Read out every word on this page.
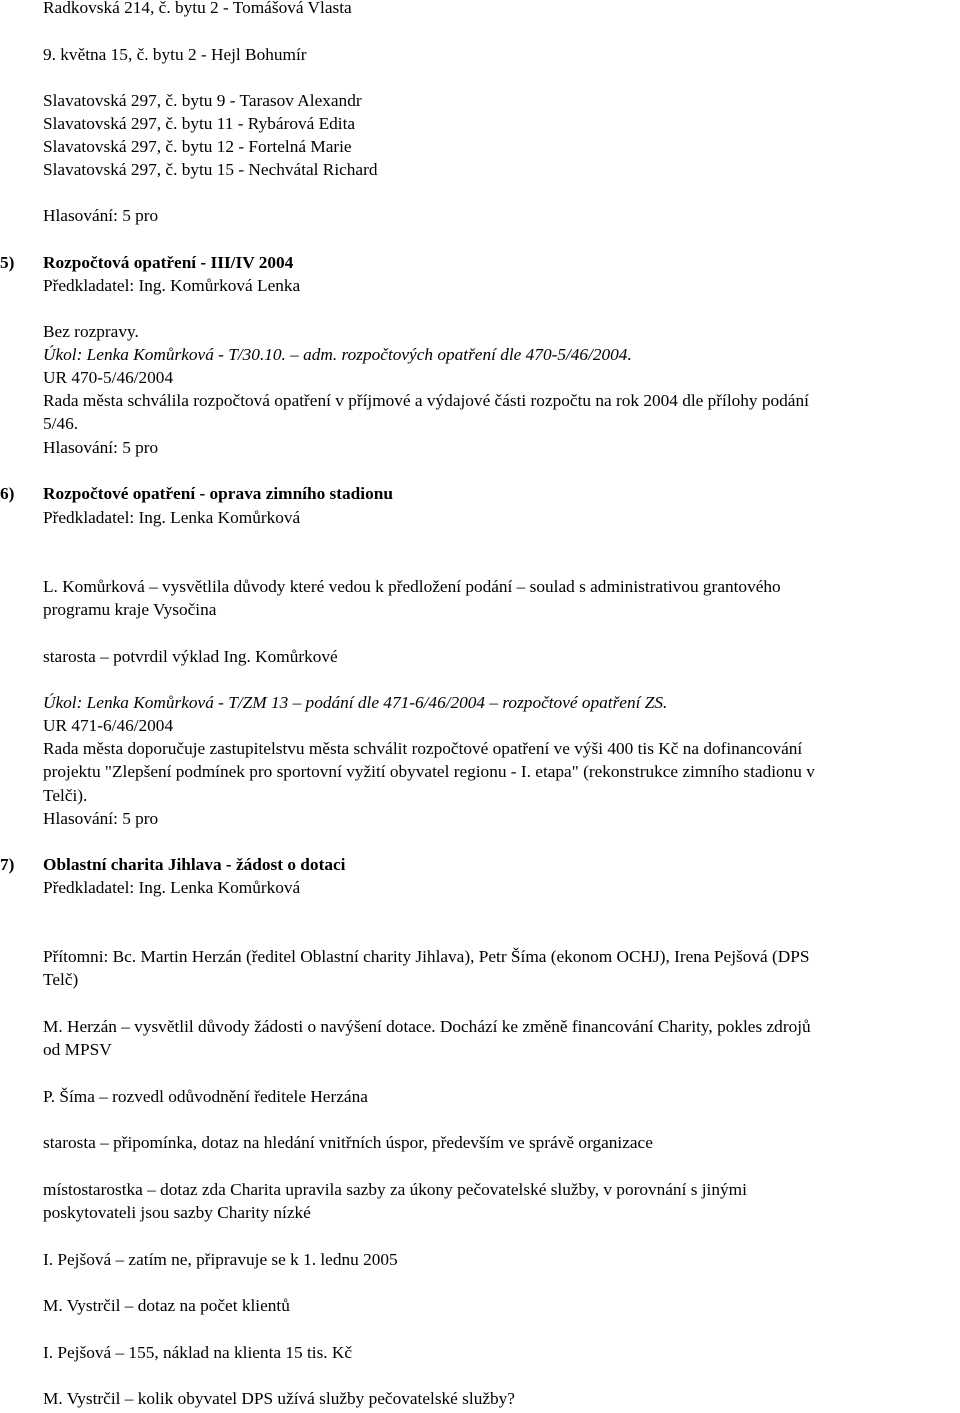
Radkovská 214, č. bytu 2 - Tomášová Vlasta
9. května 15, č. bytu 2 - Hejl Bohumír
Slavatovská 297, č. bytu 9 - Tarasov Alexandr
Slavatovská 297, č. bytu 11 - Rybárová Edita
Slavatovská 297, č. bytu 12 - Fortelná Marie
Slavatovská 297, č. bytu 15 - Nechvátal Richard
Hlasování: 5 pro
5) Rozpočtová opatření - III/IV 2004
Předkladatel: Ing. Komůrková Lenka
Bez rozpravy.
Úkol: Lenka Komůrková - T/30.10. – adm. rozpočtových opatření dle 470-5/46/2004.
UR 470-5/46/2004
Rada města schválila rozpočtová opatření v příjmové a výdajové části rozpočtu na rok 2004 dle přílohy podání
5/46.
Hlasování: 5 pro
6) Rozpočtové opatření - oprava zimního stadionu
Předkladatel: Ing. Lenka Komůrková
L. Komůrková – vysvětlila důvody které vedou k předložení podání – soulad s administrativou grantového
programu kraje Vysočina
starosta – potvrdil výklad Ing. Komůrkové
Úkol: Lenka Komůrková - T/ZM 13 – podání dle 471-6/46/2004 – rozpočtové opatření ZS.
UR 471-6/46/2004
Rada města doporučuje zastupitelstvu města schválit rozpočtové opatření ve výši 400 tis Kč na dofinancování
projektu "Zlepšení podmínek pro sportovní vyžití obyvatel regionu - I. etapa" (rekonstrukce zimního stadionu v
Telči).
Hlasování: 5 pro
7) Oblastní charita Jihlava - žádost o dotaci
Předkladatel: Ing. Lenka Komůrková
Přítomni: Bc. Martin Herzán (ředitel Oblastní charity Jihlava), Petr Šíma (ekonom OCHJ), Irena Pejšová (DPS
Telč)
M. Herzán – vysvětlil důvody žádosti o navýšení dotace. Dochází ke změně financování Charity, pokles zdrojů
od MPSV
P. Šíma – rozvedl odůvodnění ředitele Herzána
starosta – připomínka, dotaz na hledání vnitřních úspor, především ve správě organizace
místostarostka – dotaz zda Charita upravila sazby za úkony pečovatelské služby, v porovnání s jinými
poskytovateli jsou sazby Charity nízké
I. Pejšová – zatím ne, připravuje se k 1. lednu 2005
M. Vystrčil – dotaz na počet klientů
I. Pejšová – 155, náklad na klienta 15 tis. Kč
M. Vystrčil – kolik obyvatel DPS užívá služby pečovatelské služby?
